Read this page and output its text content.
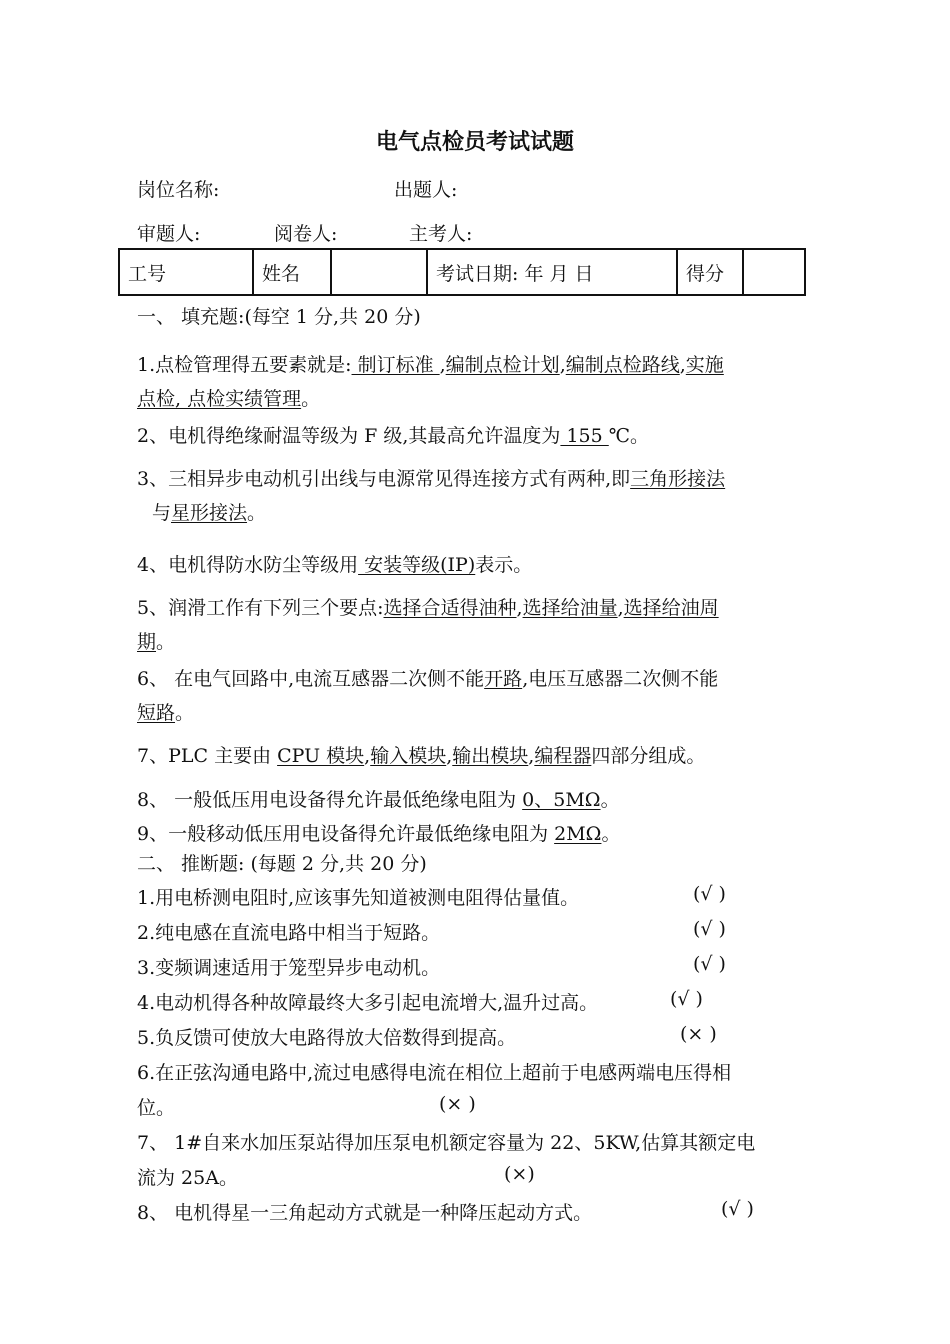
电气点检员考试试题
岗位名称:	出题人:
审题人:	阅卷人:	主考人:
工号	姓名		考试日期: 年 月 日	得分	
一、 填充题:(每空 1 分,共 20 分)
1.点检管理得五要素就是: 制订标准 ,编制点检计划,编制点检路线,实施
点检, 点检实绩管理。
2、电机得绝缘耐温等级为 F 级,其最高允许温度为 155 ℃。
3、三相异步电动机引出线与电源常见得连接方式有两种,即三角形接法
与星形接法。
4、电机得防水防尘等级用 安装等级(IP)表示。
5、润滑工作有下列三个要点:选择合适得油种,选择给油量,选择给油周
期。
6、 在电气回路中,电流互感器二次侧不能开路,电压互感器二次侧不能
短路。
7、PLC 主要由 CPU 模块,输入模块,输出模块,编程器四部分组成。
8、 一般低压用电设备得允许最低绝缘电阻为 0、5MΩ。
9、一般移动低压用电设备得允许最低绝缘电阻为 2MΩ。
二、 推断题: (每题 2 分,共 20 分)
1.用电桥测电阻时,应该事先知道被测电阻得估量值。	(√ )
2.纯电感在直流电路中相当于短路。	(√ )
3.变频调速适用于笼型异步电动机。	(√ )
4.电动机得各种故障最终大多引起电流增大,温升过高。	(√ )
5.负反馈可使放大电路得放大倍数得到提高。	(× )
6.在正弦沟通电路中,流过电感得电流在相位上超前于电感两端电压得相
位。	(× )
7、 1#自来水加压泵站得加压泵电机额定容量为 22、5KW,估算其额定电
流为 25A。	(×)
8、 电机得星一三角起动方式就是一种降压起动方式。	(√ )
